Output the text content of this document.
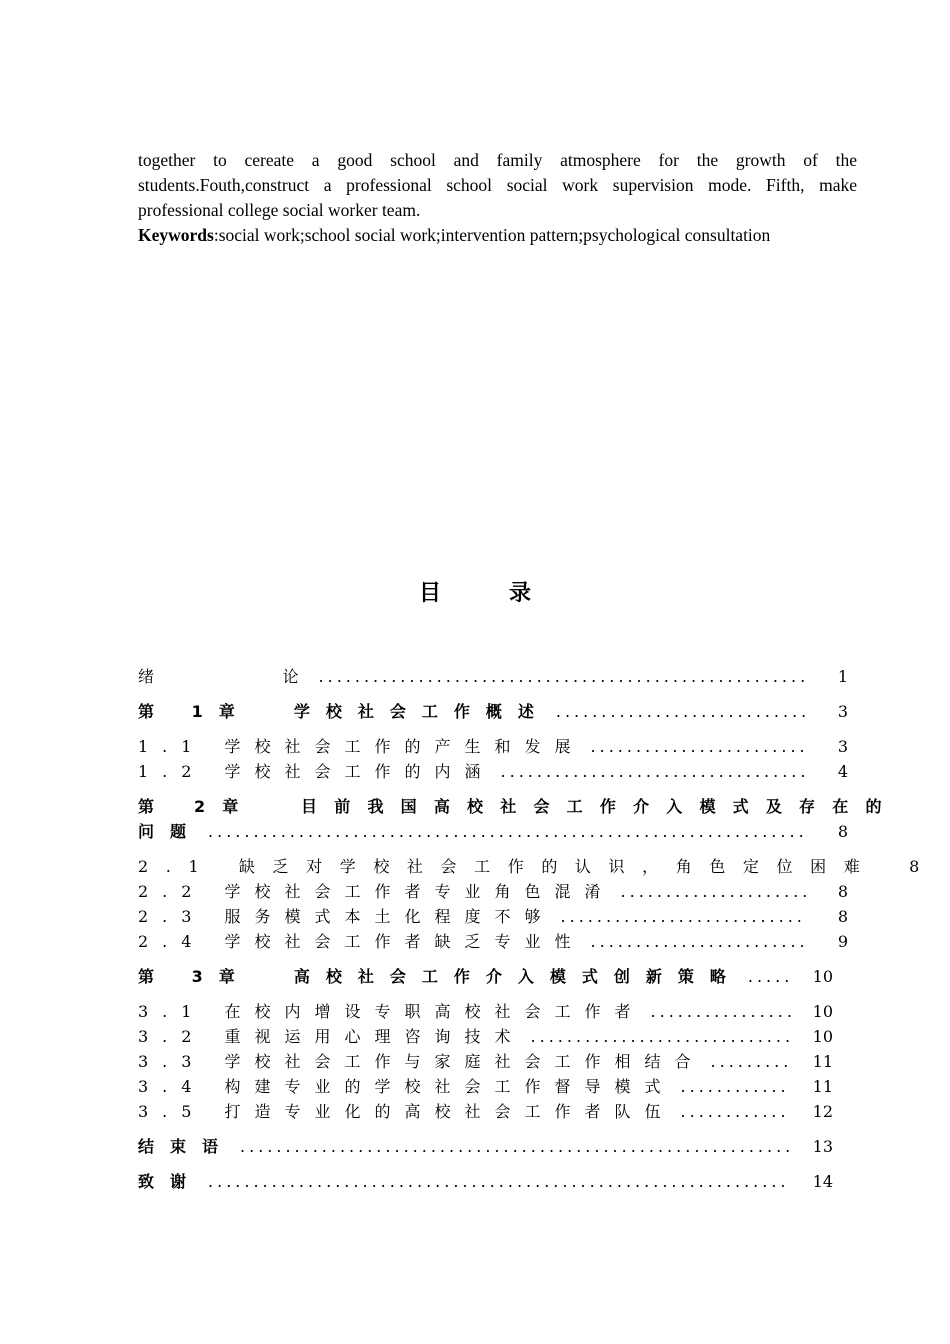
together to cereate a good school and family atmosphere for the growth of the

students.Fouth,construct a professional school social work supervision mode. Fifth, make

professional college social worker team.

Keywords:social work;school social work;intervention pattern;psychological consultation

目录
绪      论 .....	1
第 1章  学校社会工作概述 .....	3
1.1 学校社会工作的产生和发展 .....	3
1.2 学校社会工作的内涵 .....	4
第 2章  目前我国高校社会工作介入模式及存在的
问题 .....	8
2.1 缺乏对学校社会工作的认识，角色定位困难	8
2.2 学校社会工作者专业角色混淆 .....	8
2.3 服务模式本土化程度不够 .....	8
2.4 学校社会工作者缺乏专业性 .....	9
第 3章  高校社会工作介入模式创新策略 .....	10
3.1 在校内增设专职高校社会工作者 .....	10
3.2 重视运用心理咨询技术 .....	10
3.3 学校社会工作与家庭社会工作相结合 .....	11
3.4 构建专业的学校社会工作督导模式 .....	11
3.5 打造专业化的高校社会工作者队伍 .....	12
结束语 .....	13
致谢 .....	14
